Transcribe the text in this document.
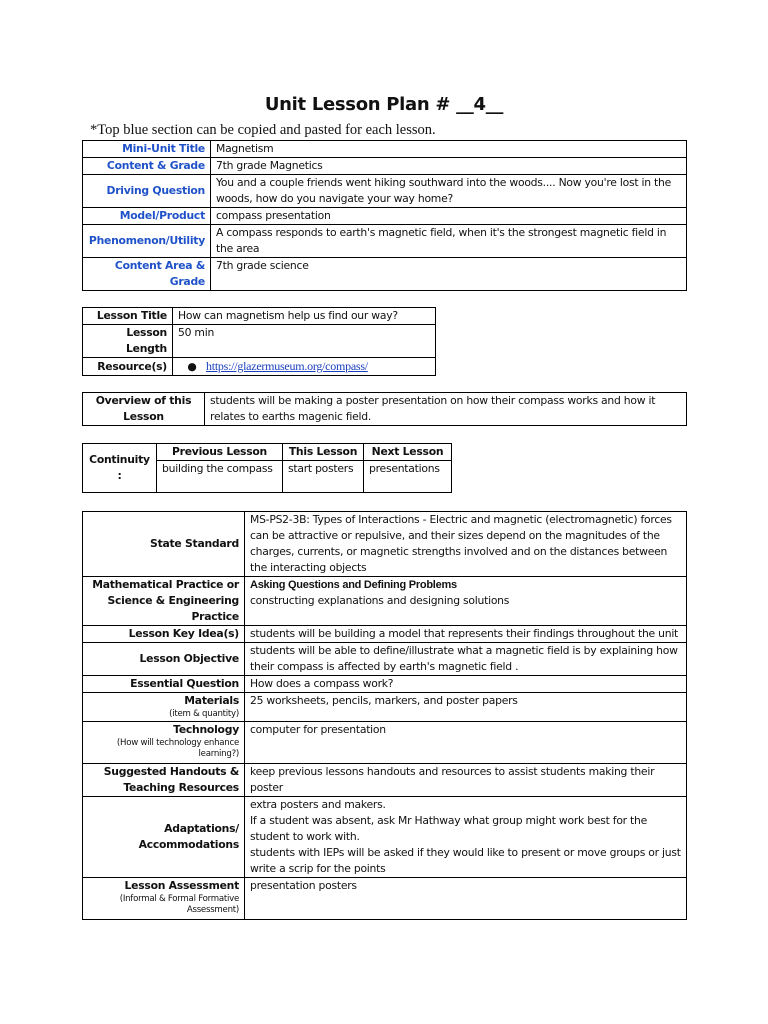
Unit Lesson Plan # __4__
*Top blue section can be copied and pasted for each lesson.
Mini-Unit Title	Magnetism
Content & Grade	7th grade Magnetics
Driving Question	You and a couple friends went hiking southward into the woods.... Now you're lost in the woods, how do you navigate your way home?
Model/Product	compass presentation
Phenomenon/Utility	A compass responds to earth's magnetic field, when it's the strongest magnetic field in the area
Content Area & Grade	7th grade science
Lesson Title	How can magnetism help us find our way?
Lesson Length	50 min
Resource(s)	● https://glazermuseum.org/compass/
Overview of this Lesson	students will be making a poster presentation on how their compass works and how it relates to earths magenic field.
Continuity :	Previous Lesson	This Lesson	Next Lesson
	building the compass	start posters	presentations
State Standard	MS-PS2-3B: Types of Interactions - Electric and magnetic (electromagnetic) forces can be attractive or repulsive, and their sizes depend on the magnitudes of the charges, currents, or magnetic strengths involved and on the distances between the interacting objects
Mathematical Practice or Science & Engineering Practice	Asking Questions and Defining Problems
constructing explanations and designing solutions

Lesson Key Idea(s)	students will be building a model that represents their findings throughout the unit
Lesson Objective	students will be able to define/illustrate what a magnetic field is by explaining how their compass is affected by earth's magnetic field .
Essential Question	How does a compass work?

Materials
(item & quantity)	25 worksheets, pencils, markers, and poster papers

Technology
(How will technology enhance learning?)	computer for presentation
Suggested Handouts & Teaching Resources	keep previous lessons handouts and resources to assist students making their poster
Adaptations/ Accommodations	extra posters and makers.
If a student was absent, ask Mr Hathway what group might work best for the student to work with.
students with IEPs will be asked if they would like to present or move groups or just write a scrip for the points

Lesson Assessment
(Informal & Formal Formative Assessment)	presentation posters
